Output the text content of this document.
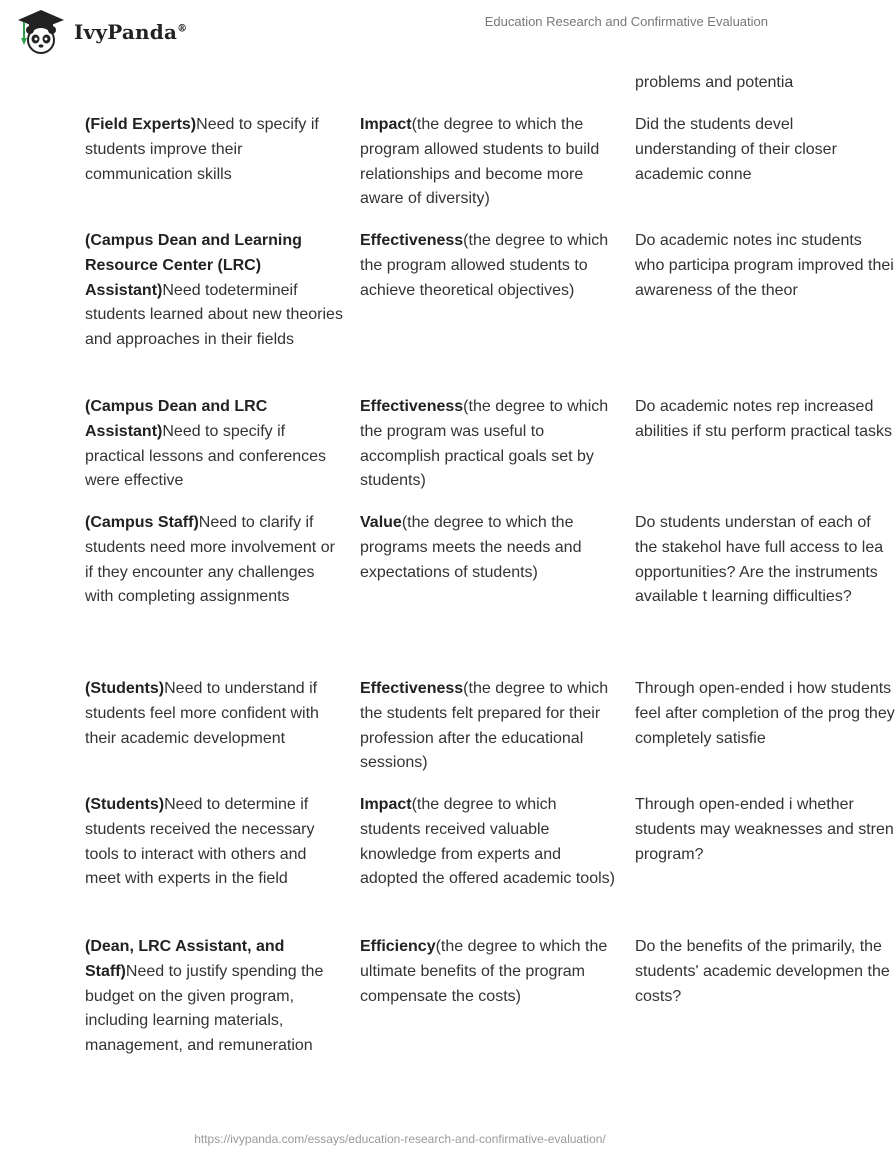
IvyPanda®	Education Research and Confirmative Evaluation
problems and potentia
(Field Experts)Need to specify if students improve their communication skills
Impact(the degree to which the program allowed students to build relationships and become more aware of diversity)
Did the students devel understanding of their closer academic conne
(Campus Dean and Learning Resource Center (LRC) Assistant)Need todetermineif students learned about new theories and approaches in their fields
Effectiveness(the degree to which the program allowed students to achieve theoretical objectives)
Do academic notes inc students who participa program improved thei awareness of the theor
(Campus Dean and LRC Assistant)Need to specify if practical lessons and conferences were effective
Effectiveness(the degree to which the program was useful to accomplish practical goals set by students)
Do academic notes rep increased abilities if stu perform practical tasks
(Campus Staff)Need to clarify if students need more involvement or if they encounter any challenges with completing assignments
Value(the degree to which the programs meets the needs and expectations of students)
Do students understan of each of the stakehol have full access to lea opportunities? Are the instruments available t learning difficulties?
(Students)Need to understand if students feel more confident with their academic development
Effectiveness(the degree to which the students felt prepared for their profession after the educational sessions)
Through open-ended i how students feel after completion of the prog they completely satisfie
(Students)Need to determine if students received the necessary tools to interact with others and meet with experts in the field
Impact(the degree to which students received valuable knowledge from experts and adopted the offered academic tools)
Through open-ended i whether students may weaknesses and stren program?
(Dean, LRC Assistant, and Staff)Need to justify spending the budget on the given program, including learning materials, management, and remuneration
Efficiency(the degree to which the ultimate benefits of the program compensate the costs)
Do the benefits of the primarily, the students' academic developmen the costs?
https://ivypanda.com/essays/education-research-and-confirmative-evaluation/
